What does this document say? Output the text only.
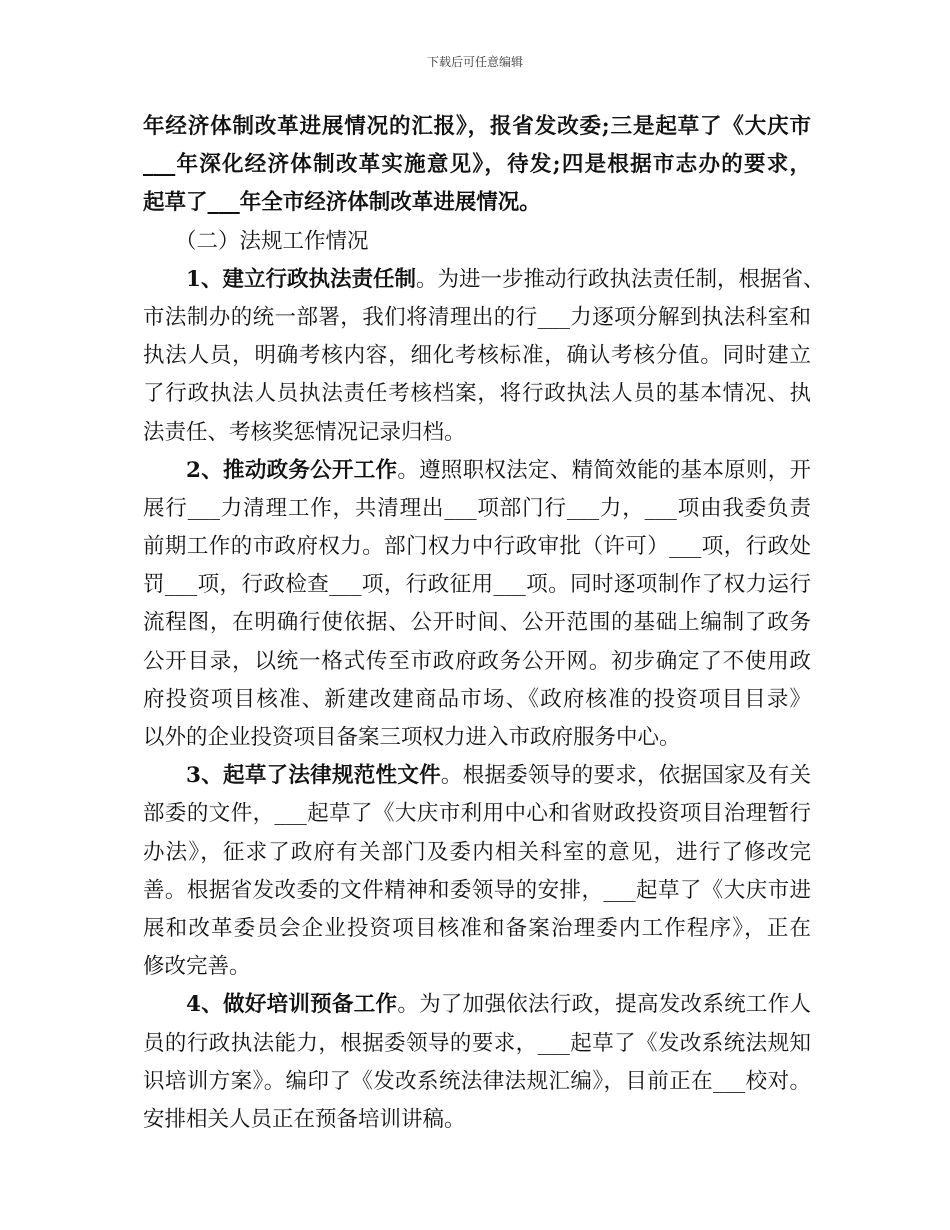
下载后可任意编辑
年经济体制改革进展情况的汇报》，报省发改委;三是起草了《大庆市
___年深化经济体制改革实施意见》，待发;四是根据市志办的要求，
起草了___年全市经济体制改革进展情况。
（二）法规工作情况
1、建立行政执法责任制。为进一步推动行政执法责任制，根据省、
市法制办的统一部署，我们将清理出的行___力逐项分解到执法科室和
执法人员，明确考核内容，细化考核标准，确认考核分值。同时建立
了行政执法人员执法责任考核档案，将行政执法人员的基本情况、执
法责任、考核奖惩情况记录归档。
2、推动政务公开工作。遵照职权法定、精简效能的基本原则，开
展行___力清理工作，共清理出___项部门行___力，___项由我委负责
前期工作的市政府权力。部门权力中行政审批（许可）___项，行政处
罚___项，行政检查___项，行政征用___项。同时逐项制作了权力运行
流程图，在明确行使依据、公开时间、公开范围的基础上编制了政务
公开目录，以统一格式传至市政府政务公开网。初步确定了不使用政
府投资项目核准、新建改建商品市场、《政府核准的投资项目目录》
以外的企业投资项目备案三项权力进入市政府服务中心。
3、起草了法律规范性文件。根据委领导的要求，依据国家及有关
部委的文件，___起草了《大庆市利用中心和省财政投资项目治理暂行
办法》，征求了政府有关部门及委内相关科室的意见，进行了修改完
善。根据省发改委的文件精神和委领导的安排，___起草了《大庆市进
展和改革委员会企业投资项目核准和备案治理委内工作程序》，正在
修改完善。
4、做好培训预备工作。为了加强依法行政，提高发改系统工作人
员的行政执法能力，根据委领导的要求，___起草了《发改系统法规知
识培训方案》。编印了《发改系统法律法规汇编》，目前正在___校对。
安排相关人员正在预备培训讲稿。
